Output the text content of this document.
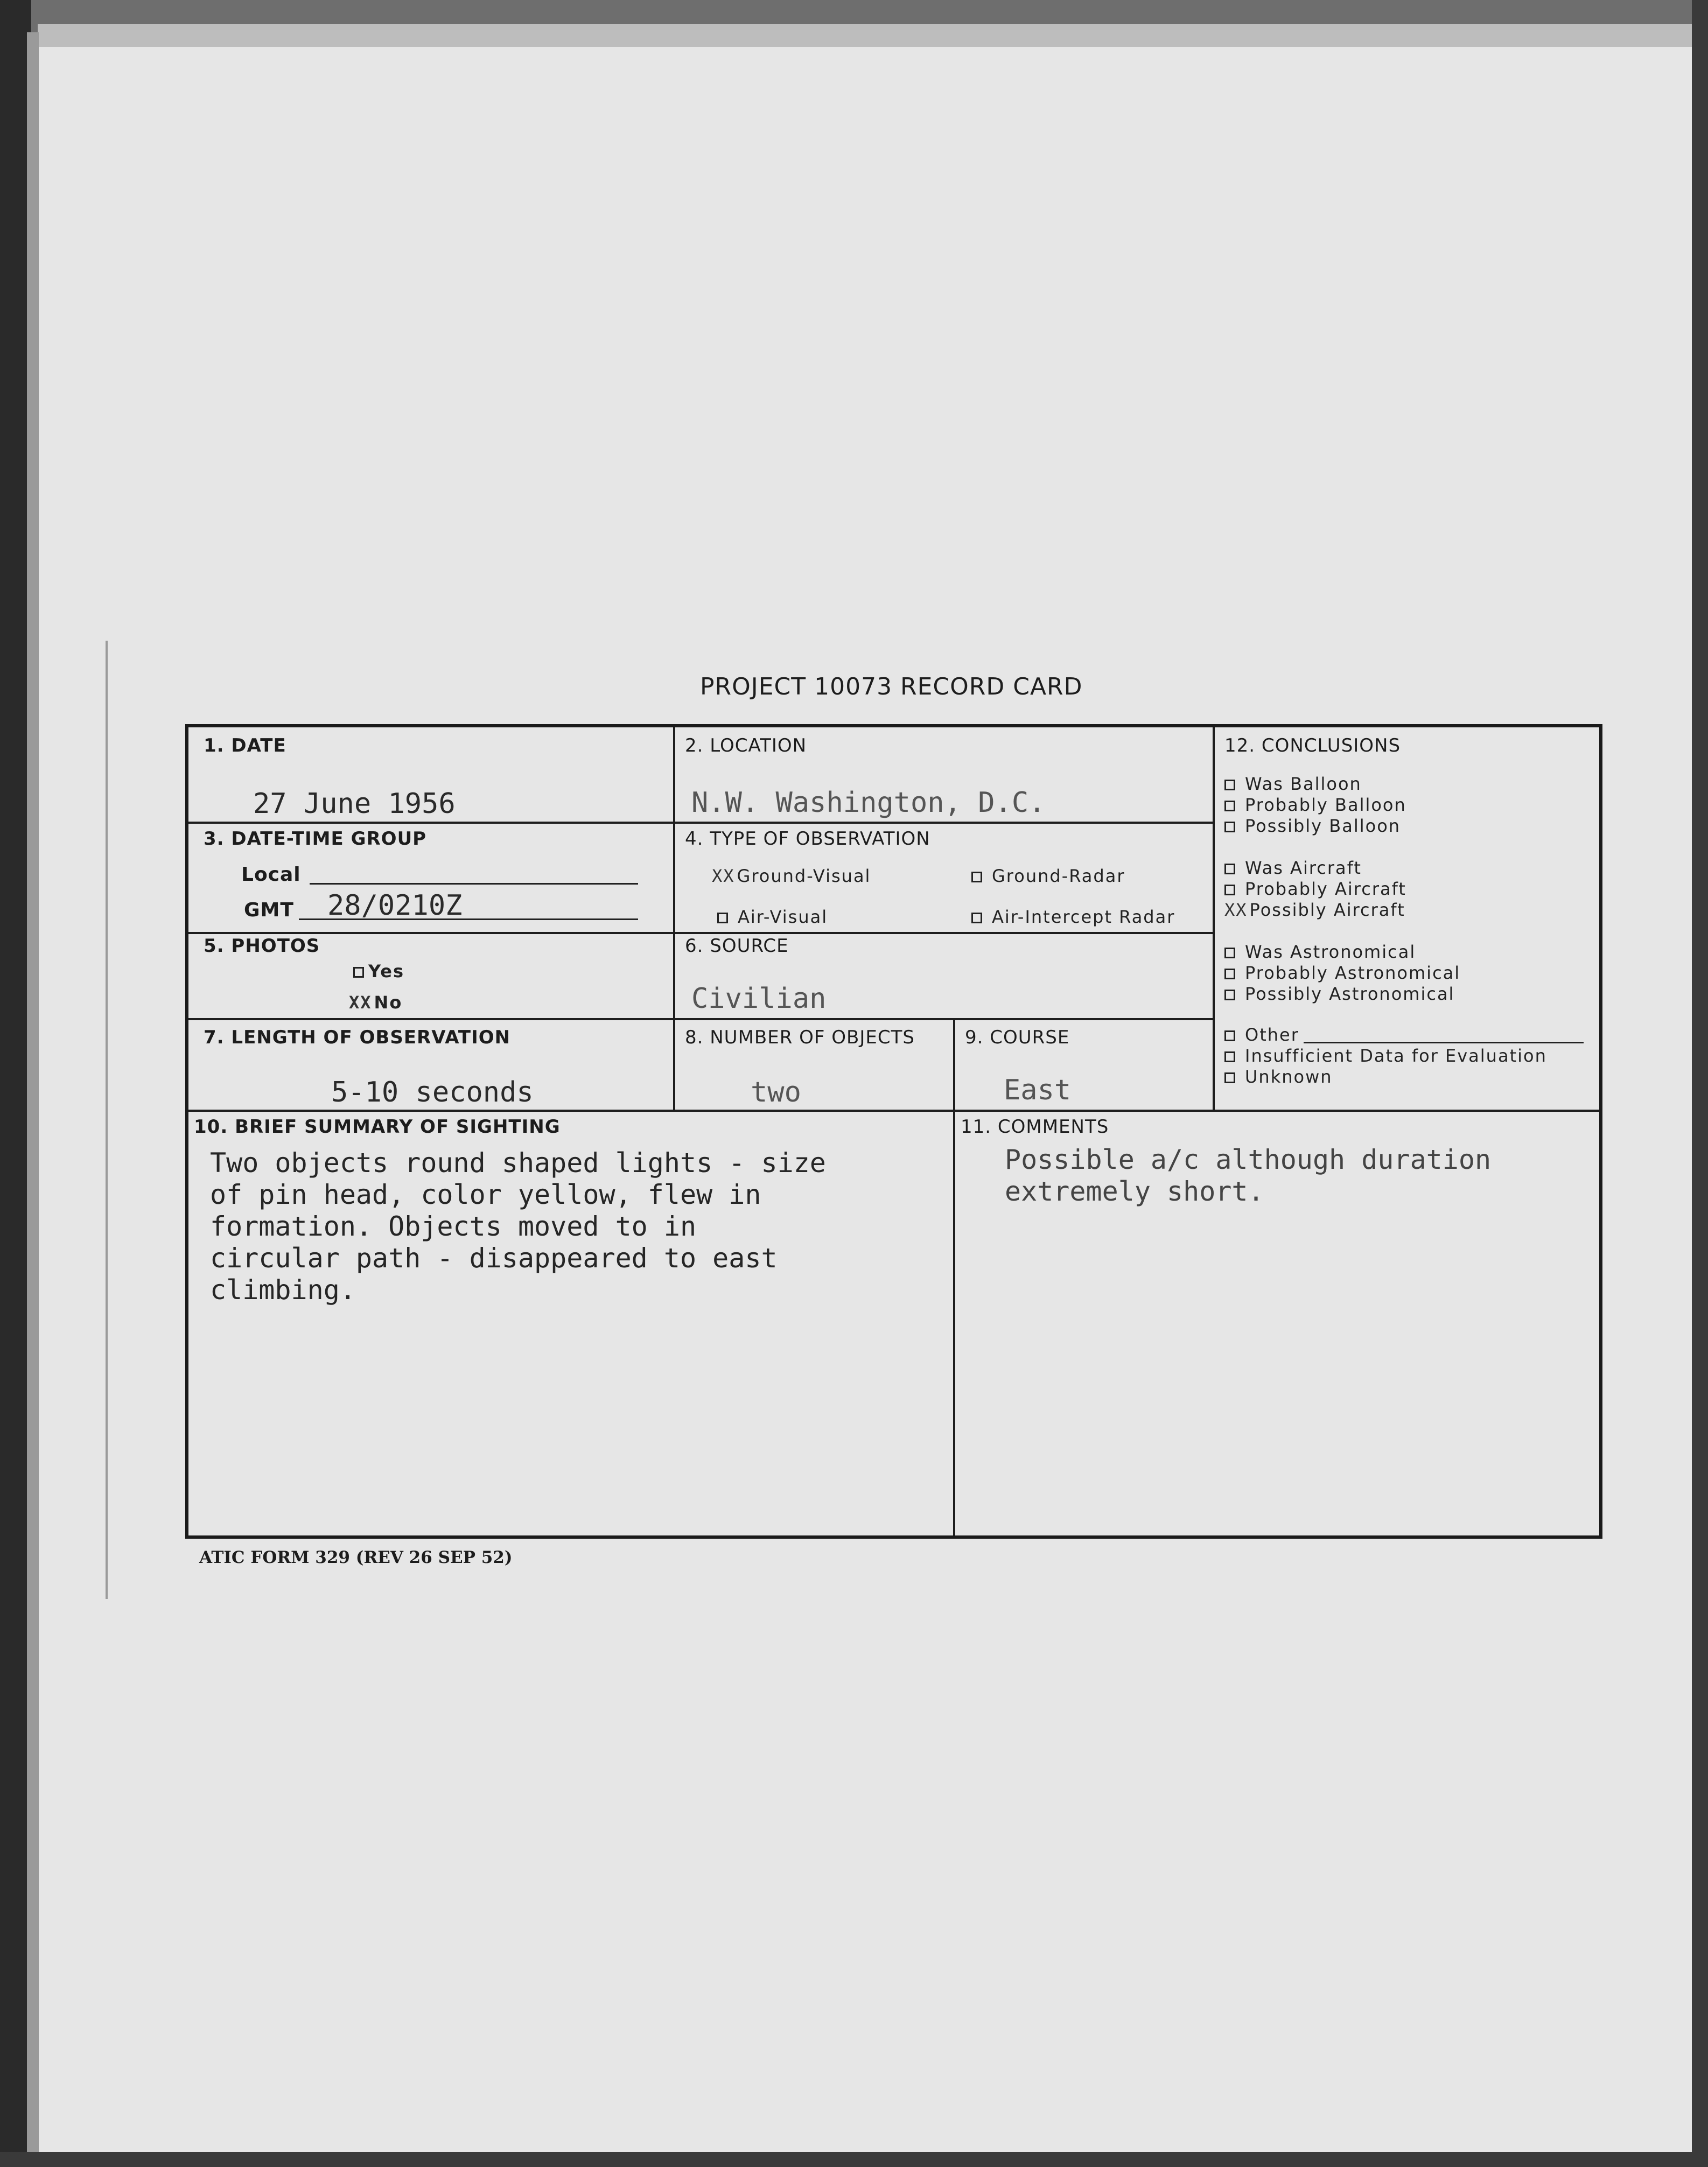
PROJECT 10073 RECORD CARD
1. DATE
27 June 1956
2. LOCATION
N.W. Washington, D.C.
3. DATE-TIME GROUP
Local
GMT 28/0210Z
4. TYPE OF OBSERVATION
XX Ground-Visual	Ground-Radar
Air-Visual	Air-Intercept Radar
5. PHOTOS
Yes
XX No
6. SOURCE
Civilian
7. LENGTH OF OBSERVATION
5-10 seconds
8. NUMBER OF OBJECTS
two
9. COURSE
East
12. CONCLUSIONS
Was Balloon
Probably Balloon
Possibly Balloon
Was Aircraft
Probably Aircraft
XX Possibly Aircraft
Was Astronomical
Probably Astronomical
Possibly Astronomical
Other
Insufficient Data for Evaluation
Unknown
10. BRIEF SUMMARY OF SIGHTING
Two objects round shaped lights - size
of pin head, color yellow, flew in
formation. Objects moved to in
circular path - disappeared to east
climbing.
11. COMMENTS
Possible a/c although duration
extremely short.
ATIC FORM 329 (REV 26 SEP 52)
